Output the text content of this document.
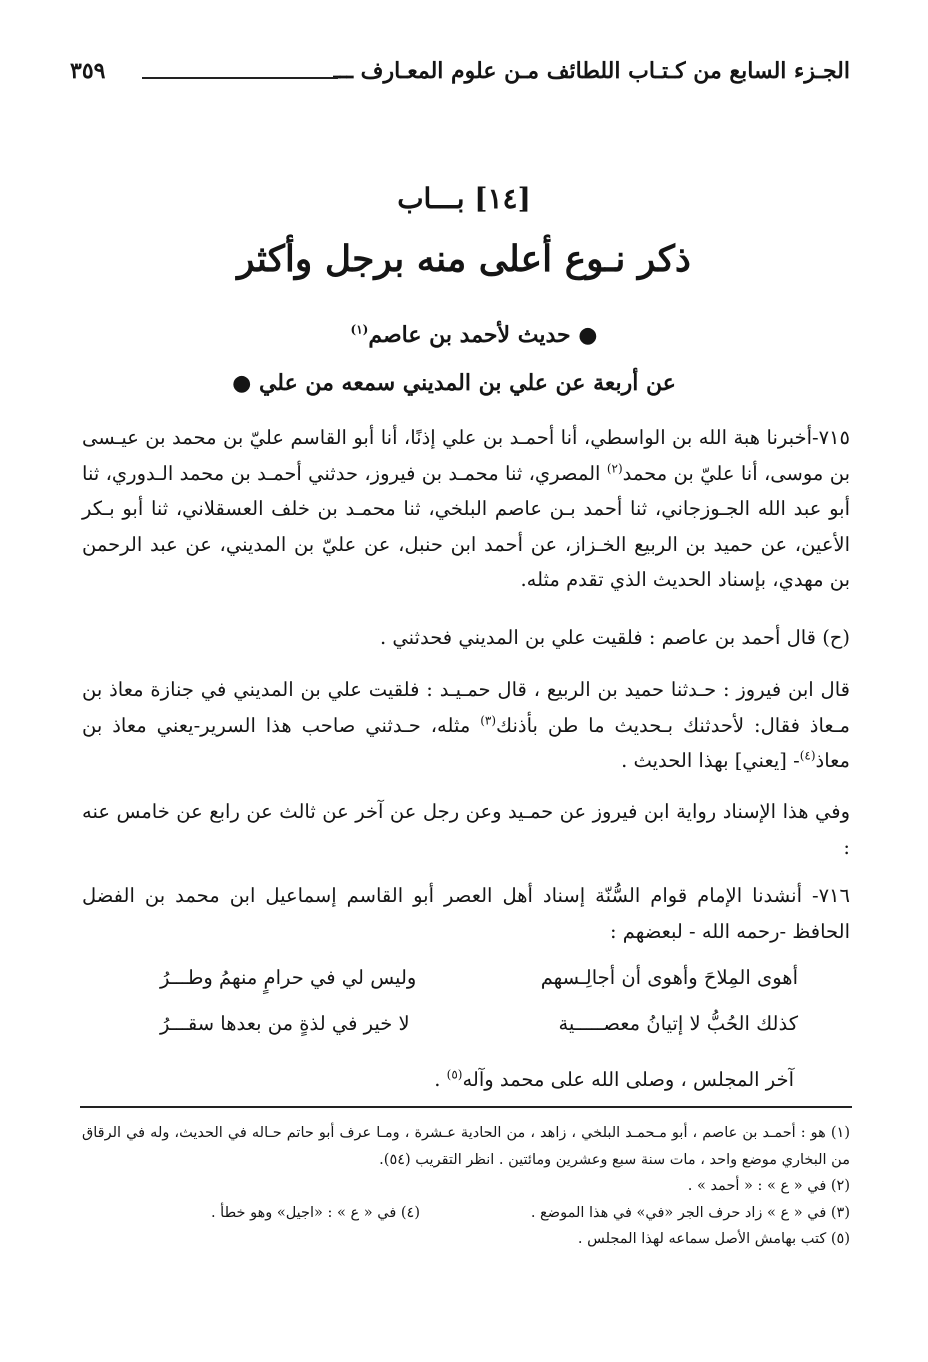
الجـزء السابع من كـتـاب اللطائف مـن علوم المعـارف ـــ
٣٥٩
[١٤] بـــاب
ذكر نـوع أعلى منه برجل وأكثر
● حديث لأحمد بن عاصم$^{(١)}$
عن أربعة عن علي بن المديني سمعه من علي ●
٧١٥-أخبرنا هبة الله بن الواسطي، أنا أحمـد بن علي إذنًا، أنا أبو القاسم عليّ بن محمد بن عيـسى بن موسى، أنا عليّ بن محمد$^{(٢)}$ المصري، ثنا محمـد بن فيروز، حدثني أحمـد بن محمد الـدوري، ثنا أبو عبد الله الجـوزجاني، ثنا أحمد بـن عاصم البلخي، ثنا محمـد بن خلف العسقلاني، ثنا أبو بـكر الأعين، عن حميد بن الربيع الخـزاز، عن أحمد ابن حنبل، عن عليّ بن المديني، عن عبد الرحمن بن مهدي، بإسناد الحديث الذي تقدم مثله.
(ح) قال أحمد بن عاصم : فلقيت علي بن المديني فحدثني .
قال ابن فيروز : حـدثنا حميد بن الربيع ، قال حمـيـد : فلقيت علي بن المديني في جنازة معاذ بن مـعاذ فقال: لأحدثنك بـحديث ما طن بأذنك$^{(٣)}$ مثله، حـدثني صاحب هذا السرير-يعني معاذ بن معاذ$^{(٤)}$- [يعني] بهذا الحديث .
وفي هذا الإسناد رواية ابن فيروز عن حمـيد وعن رجل عن آخر عن ثالث عن رابع عن خامس عنه :
٧١٦- أنشدنا الإمام قوام السُّنّة إسناد أهل العصر أبو القاسم إسماعيل ابن محمد بن الفضل الحافظ -رحمه الله - لبعضهم :
أهوى المِلاحَ وأهوى أن أجالِـسهم
وليس لي في حرامٍ منهمُ وطـــرُ
كذلك الحُبُّ لا إتيانُ معصـــــية
لا خير في لذةٍ من بعدها سقـــرُ
آخر المجلس ، وصلى الله على محمد وآله$^{(٥)}$ .

(١) هو : أحمـد بن عاصم ، أبو مـحمـد البلخي ، زاهد ، من الحادية عـشرة ، ومـا عرف أبو حاتم حـاله في الحديث، وله في الرقاق من البخاري موضع واحد ، مات سنة سبع وعشرين ومائتين . انظر التقريب (٥٤).

(٢) في « ع » : « أحمد » .

(٣) في « ع » زاد حرف الجر «في» في هذا الموضع .
(٤) في « ع » : «اجيل» وهو خطأ .

(٥) كتب بهامش الأصل سماعه لهذا المجلس .
